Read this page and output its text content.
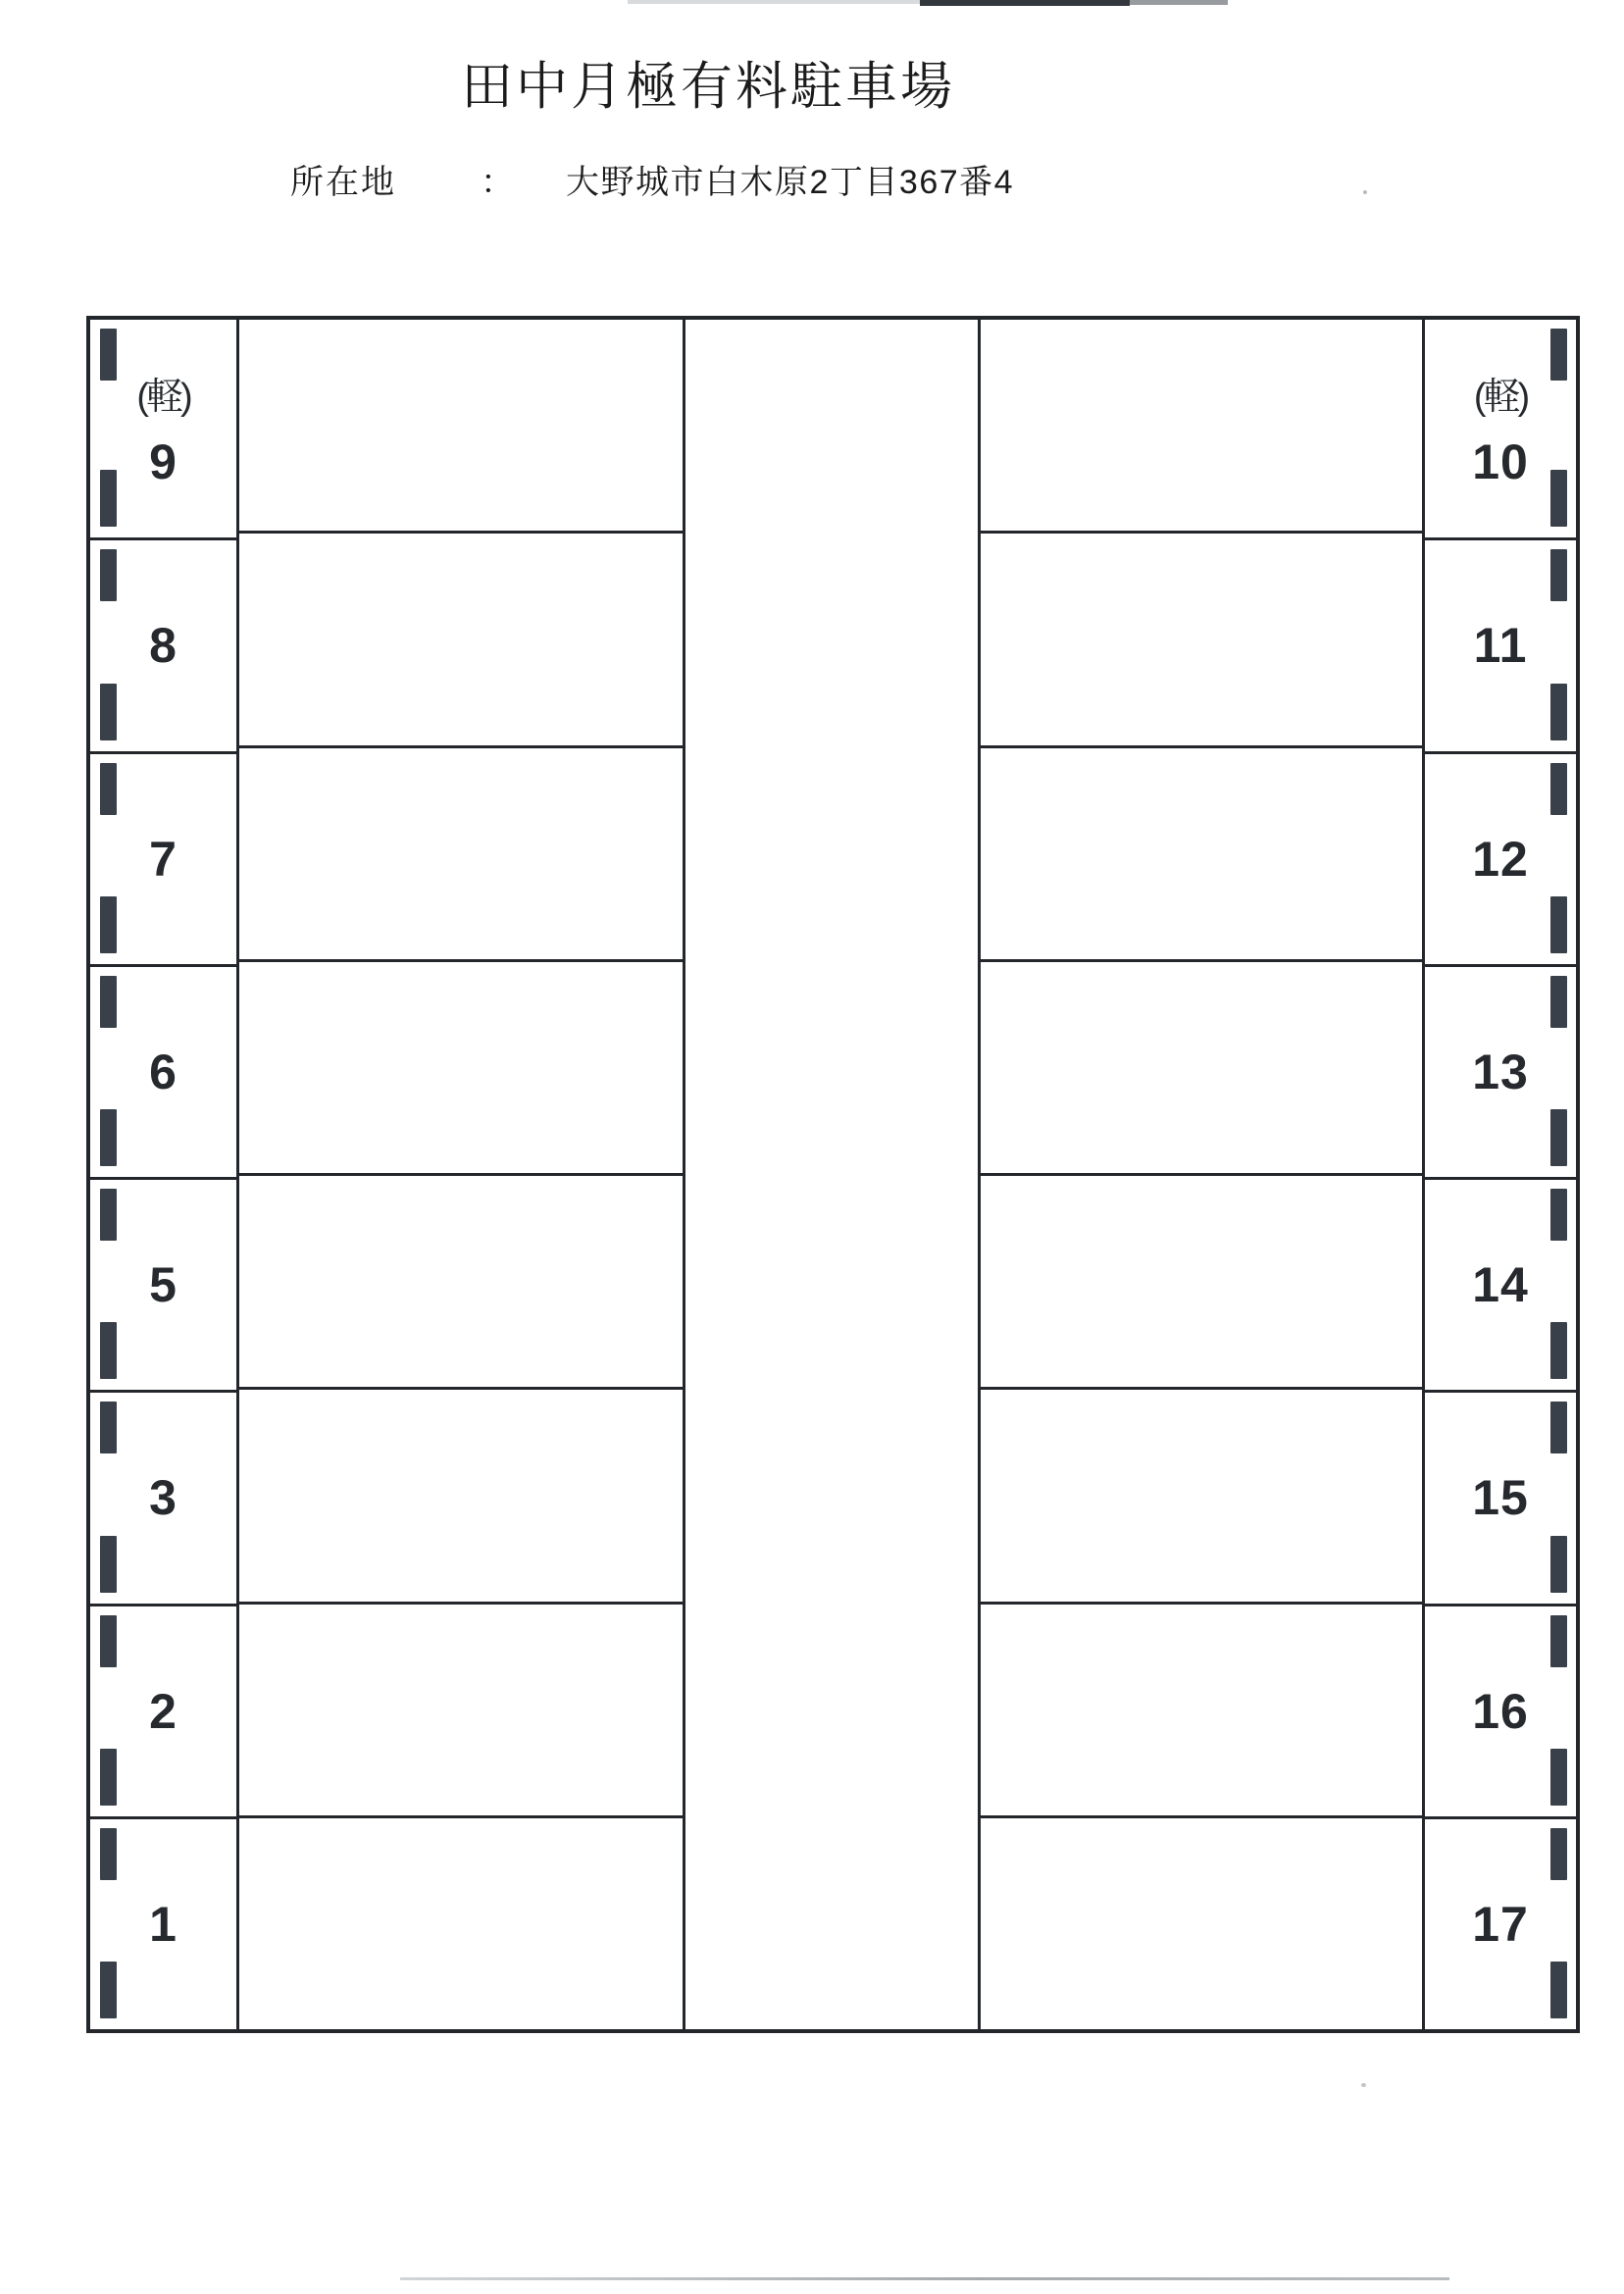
田中月極有料駐車場
所在地	： 大野城市白木原2丁目367番4
(軽)
9
8
7
6
5
3
2
1
(軽)
10
11
12
13
14
15
16
17
